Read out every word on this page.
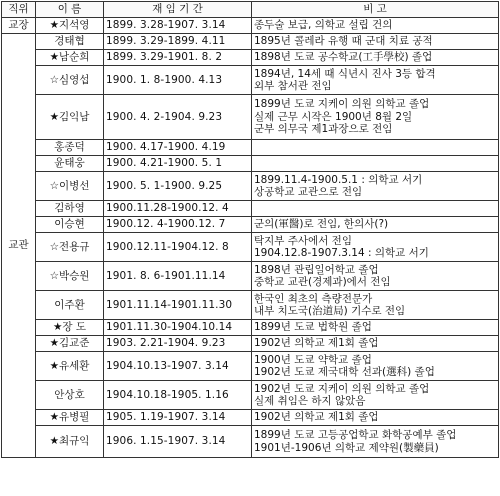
직위	이 름	재 임 기 간	비 고
교장	★지석영	1899. 3.28-1907. 3.14	종두술 보급, 의학교 설립 건의

교관	경태협	1899. 3.29-1899. 4.11	1895년 콜레라 유행 때 군대 치료 공적

	★남순희	1899. 3.29-1901. 8. 2	1898년 도쿄 공수학교(工手學校) 졸업

	☆심영섭	1900. 1. 8-1900. 4.13	1894년, 14세 때 식년시 진사 3등 합격
외부 참서관 전임

	★김익남	1900. 4. 2-1904. 9.23	1899년 도쿄 지케이 의원 의학교 졸업
실제 근무 시작은 1900년 8월 2일
군부 의무국 제1과장으로 전임

	홍종덕	1900. 4.17-1900. 4.19	

	윤태웅	1900. 4.21-1900. 5. 1	

	☆이병선	1900. 5. 1-1900. 9.25	1899.11.4-1900.5.1 : 의학교 서기
상공학교 교관으로 전임

	김하영	1900.11.28-1900.12. 4	

	이승현	1900.12. 4-1900.12. 7	군의(軍醫)로 전임, 한의사(?)

	☆전용규	1900.12.11-1904.12. 8	탁지부 주사에서 전임
1904.12.8-1907.3.14 : 의학교 서기

	☆박승원	1901. 8. 6-1901.11.14	1898년 관립일어학교 졸업
중학교 교관(경제과)에서 전임

	이주환	1901.11.14-1901.11.30	한국인 최초의 측량전문가
내부 치도국(治道局) 기수로 전임

	★장 도	1901.11.30-1904.10.14	1899년 도쿄 법학원 졸업

	★김교준	1903. 2.21-1904. 9.23	1902년 의학교 제1회 졸업

	★유세환	1904.10.13-1907. 3.14	1900년 도쿄 약학교 졸업
1902년 도쿄 제국대학 선과(選科) 졸업

	안상호	1904.10.18-1905. 1.16	1902년 도쿄 지케이 의원 의학교 졸업
실제 취임은 하지 않았음

	★유병필	1905. 1.19-1907. 3.14	1902년 의학교 제1회 졸업

	★최규익	1906. 1.15-1907. 3.14	1899년 도쿄 고등공업학교 화학공예부 졸업
1901년-1906년 의학교 제약원(製藥員)
